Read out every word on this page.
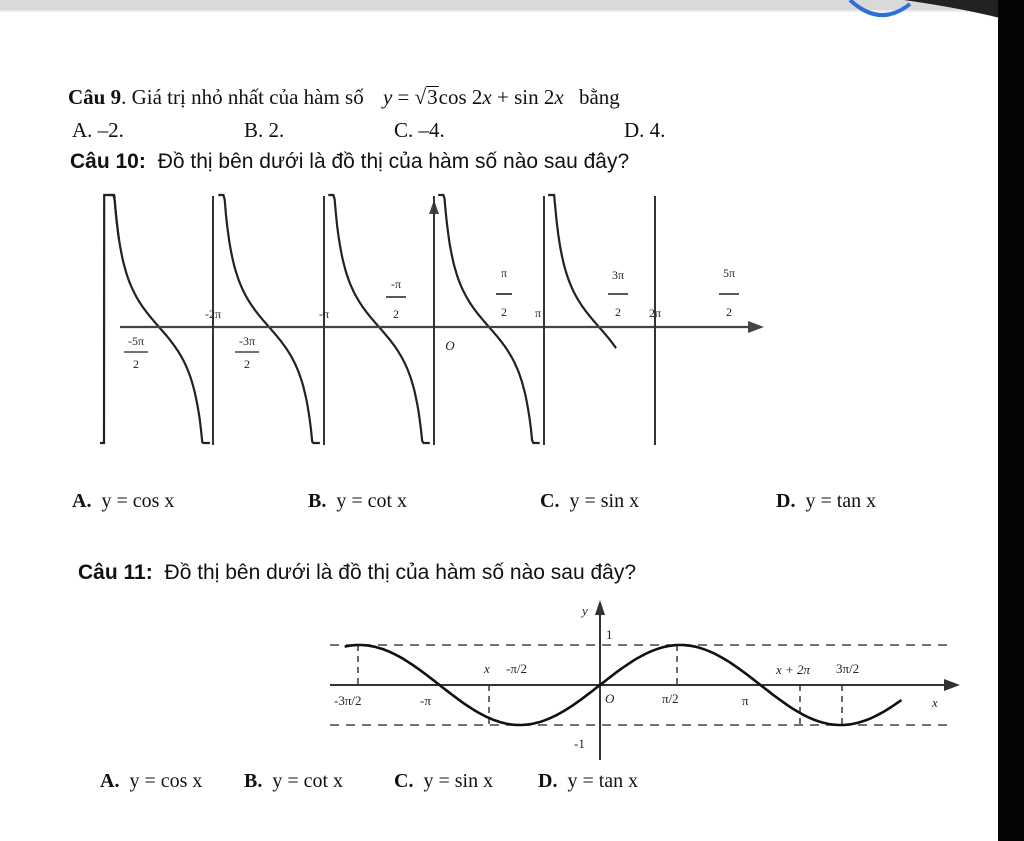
Câu 9. Giá trị nhỏ nhất của hàm số y = √3cos 2x + sin 2x bằng
A. –2.	B. 2.	C. –4.	D. 4.
Câu 10: Đồ thị bên dưới là đồ thị của hàm số nào sau đây?
-5π
2
-3π
2
-π
2
π
2
3π
2
5π
2
-2π	-π	π	2π
O
A. y = cos x	B. y = cot x	C. y = sin x	D. y = tan x
Câu 11: Đồ thị bên dưới là đồ thị của hàm số nào sau đây?
y
1
-1
-3π/2	-π
x -π/2
O	π/2	π
x + 2π 3π/2
x
A. y = cos x B. y = cot x	C. y = sin x D. y = tan x
